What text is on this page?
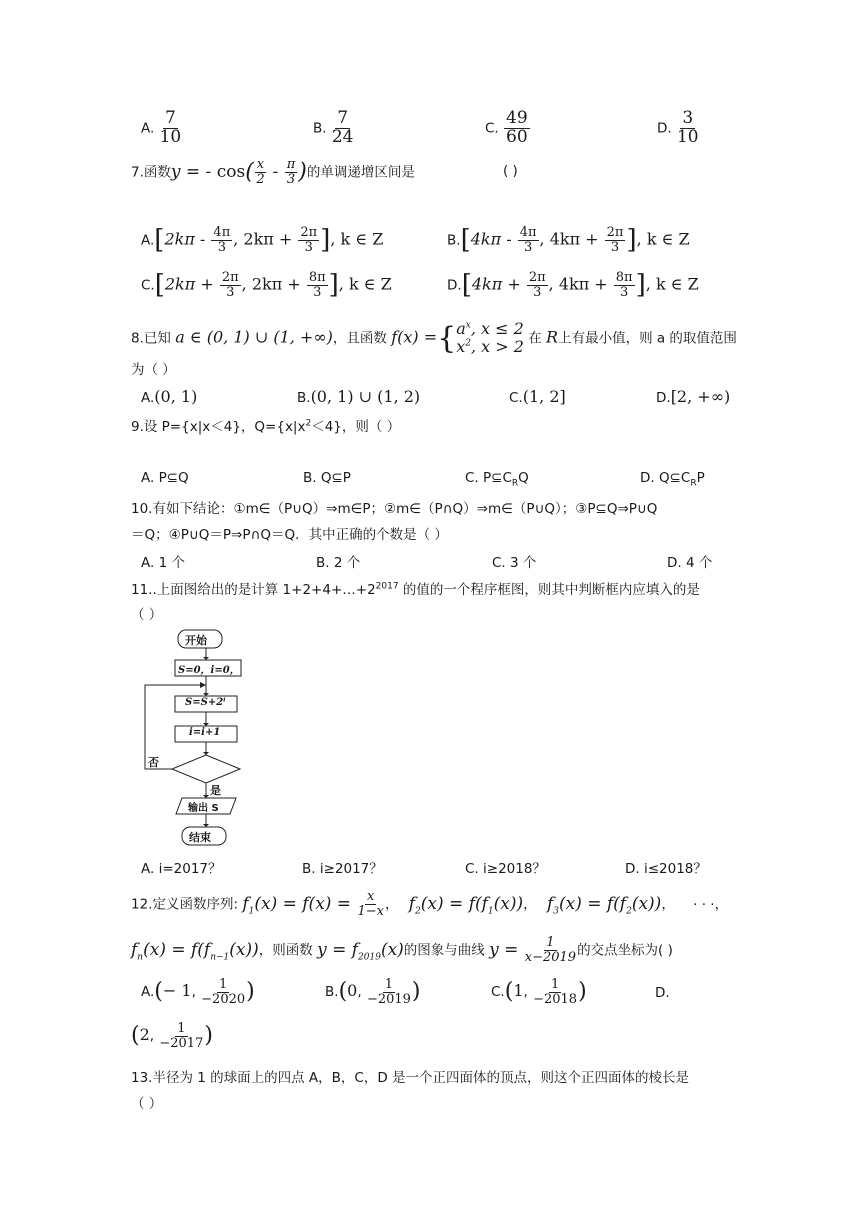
A. $\frac{7}{10}$	B. $\frac{7}{24}$	C. $\frac{49}{60}$	D. $\frac{3}{10}$
7.函数y = - $\cos( \frac{x}{2} - \frac{\pi}{3}$ )的单调递增区间是	( )
$A.[2k\pi - \frac{4\pi}{3}$ , $2k\pi + \frac{2\pi}{3}$ ], k ∈ Z	$B.[4k\pi - \frac{4\pi}{3}$ , $4k\pi + \frac{2\pi}{3}$ ], k ∈ Z
$C.[2k\pi + \frac{2\pi}{3}$ , $2k\pi + \frac{8\pi}{3}$ ], k ∈ Z	$D.[4k\pi + \frac{2\pi}{3}$ , $4k\pi + \frac{8\pi}{3}$ ], k ∈ Z
8.已知 a ∈ (0, 1) ∪ (1, +∞)，且函数 f(x) ={ $a^x$, x ≤ 2
$x^2$, x > 2 在 R上有最小值，则 a 的取值范围
为（ ）
A.(0, 1)	B.(0, 1) ∪ (1, 2)	C.(1, 2]	D.[2, +∞)
9.设 P={x|x＜4}，$Q=\{x|x^2<4\}$，则（ ）
A. P⊆Q	B. Q⊆P	C. $P⊆C_RQ$	D. $Q⊆C_RP$
10.有如下结论：①m∈（P∪Q）⇒m∈P；②m∈（P∩Q）⇒m∈（P∪Q）；③P⊆Q⇒P∪Q
＝Q；④P∪Q＝P⇒P∩Q＝Q．其中正确的个数是（ ）
A. 1 个	B. 2 个	C. 3 个	D. 4 个
11..上面图给出的是计算 $1+2+4+\dots+2^{2017}$ 的值的一个程序框图，则其中判断框内应填入的是
（ ）
开始
S=0，i=0，
S=S+2ⁱ
i=i+1
否
是
输出 S
结束
A. i=2017？	B. i≥2017？	C. i≥2018？	D. i≤2018？
12.定义函数序列: $f_1(x) = f(x) = \frac{x}{1-x}$ ， $f_2(x) = f(f_1(x))$， $f_3(x) = f(f_2(x))$， · · ·，
$f_n(x) = f(f_{n-1}(x))$，则函数 $y = f_{2019}(x)$的图象与曲线 $y = \frac{1}{x-2019}$ 的交点坐标为( )
A.(− 1, $\frac{1}{-2020}$ )	B.(0, $\frac{1}{-2019}$ )	C.(1, $\frac{1}{-2018}$ )	D.
(2, $\frac{1}{-2017}$ )
13.半径为 1 的球面上的四点 A，B，C，D 是一个正四面体的顶点，则这个正四面体的棱长是
（ ）
